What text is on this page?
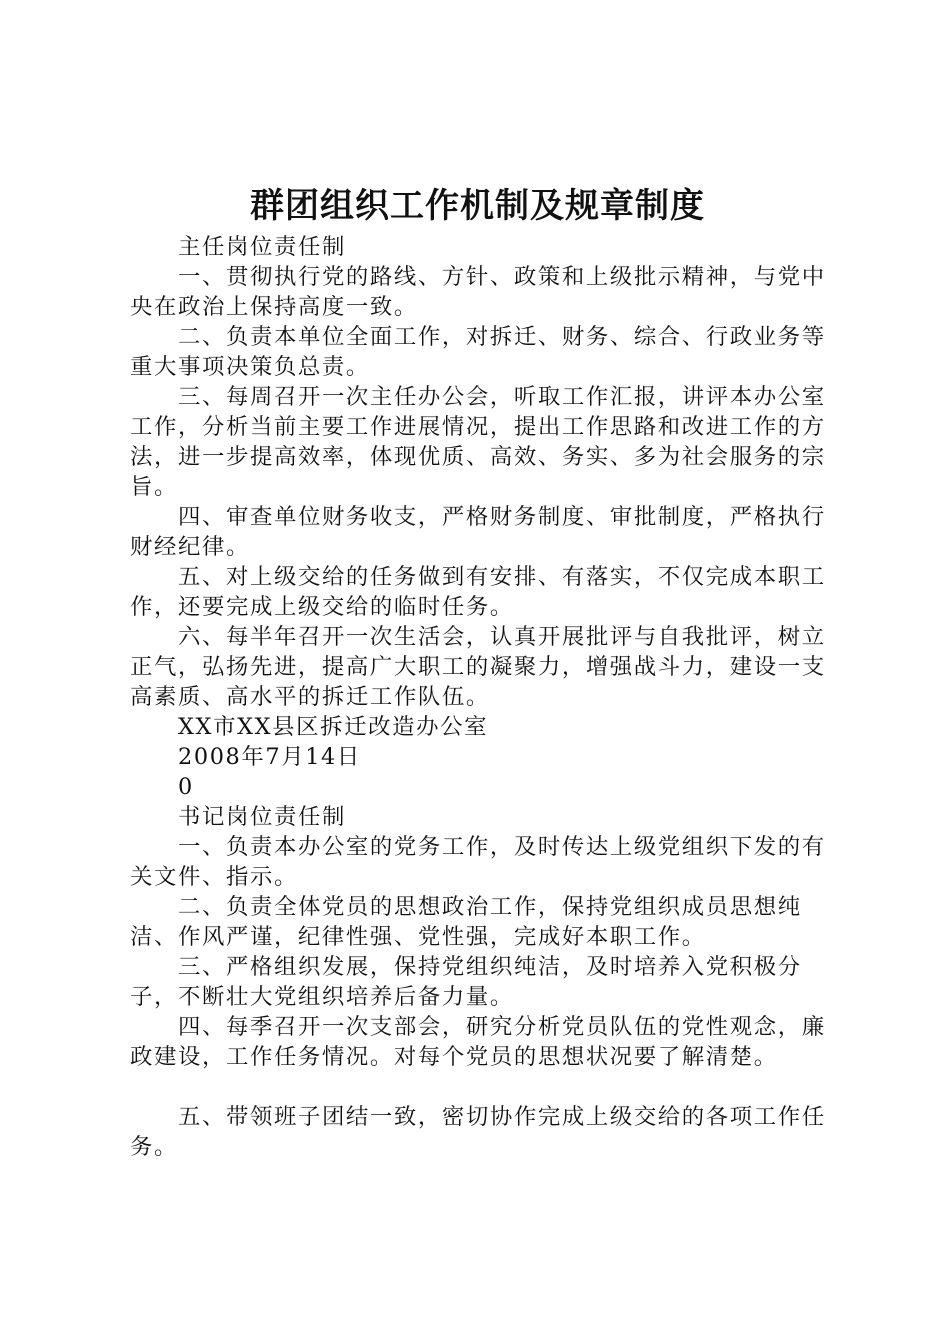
群团组织工作机制及规章制度

主任岗位责任制

一、贯彻执行党的路线、方针、政策和上级批示精神，与党中央在政治上保持高度一致。

二、负责本单位全面工作，对拆迁、财务、综合、行政业务等重大事项决策负总责。

三、每周召开一次主任办公会，听取工作汇报，讲评本办公室工作，分析当前主要工作进展情况，提出工作思路和改进工作的方法，进一步提高效率，体现优质、高效、务实、多为社会服务的宗旨。

四、审查单位财务收支，严格财务制度、审批制度，严格执行财经纪律。

五、对上级交给的任务做到有安排、有落实，不仅完成本职工作，还要完成上级交给的临时任务。

六、每半年召开一次生活会，认真开展批评与自我批评，树立正气，弘扬先进，提高广大职工的凝聚力，增强战斗力，建设一支高素质、高水平的拆迁工作队伍。

XX市XX县区拆迁改造办公室

2008年7月14日

0

书记岗位责任制

一、负责本办公室的党务工作，及时传达上级党组织下发的有关文件、指示。

二、负责全体党员的思想政治工作，保持党组织成员思想纯洁、作风严谨，纪律性强、党性强，完成好本职工作。

三、严格组织发展，保持党组织纯洁，及时培养入党积极分子，不断壮大党组织培养后备力量。

四、每季召开一次支部会，研究分析党员队伍的党性观念，廉政建设，工作任务情况。对每个党员的思想状况要了解清楚。

五、带领班子团结一致，密切协作完成上级交给的各项工作任务。
